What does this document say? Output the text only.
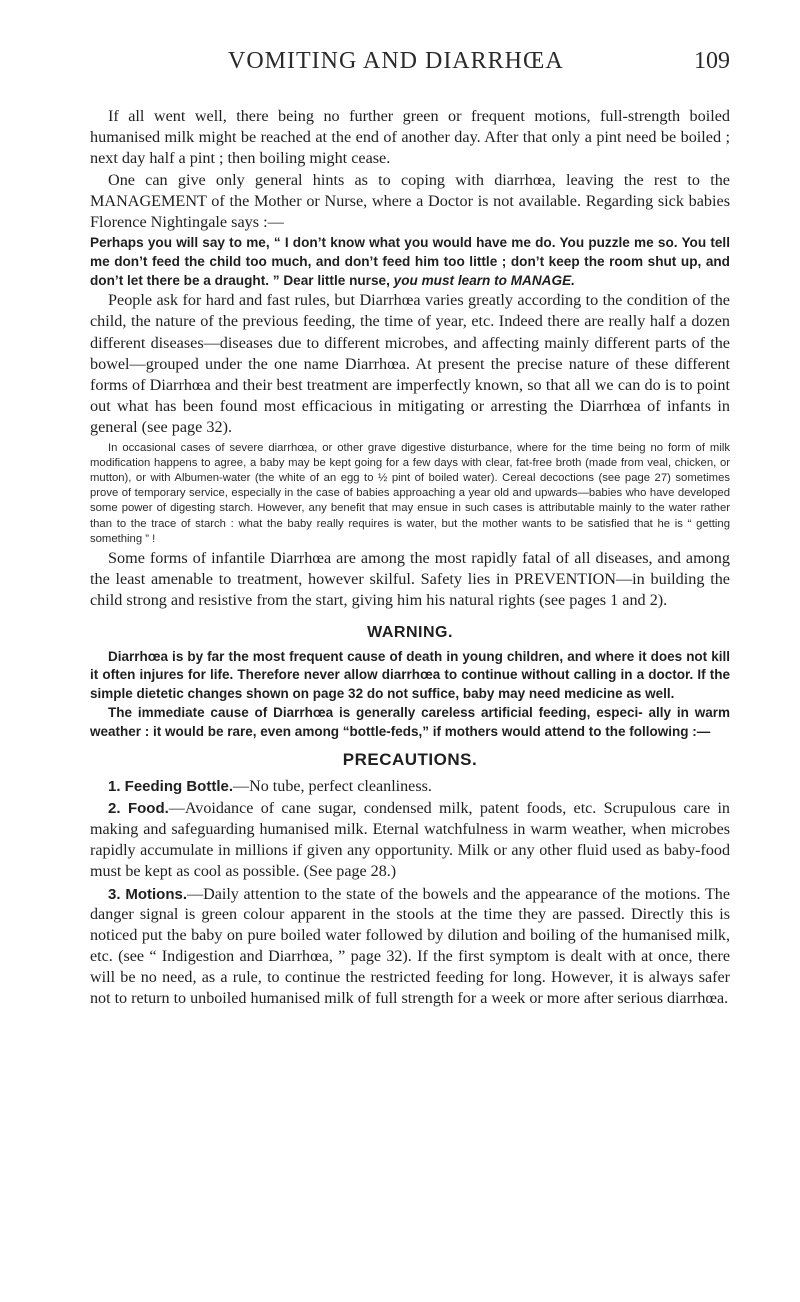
VOMITING AND DIARRHŒA	109

If all went well, there being no further green or frequent motions, full-strength boiled humanised milk might be reached at the end of another day. After that only a pint need be boiled ; next day half a pint ; then boiling might cease.

One can give only general hints as to coping with diarrhœa, leaving the rest to the MANAGEMENT of the Mother or Nurse, where a Doctor is not available. Regarding sick babies Florence Nightingale says :—

Perhaps you will say to me, “ I don’t know what you would have me do. You puzzle me so. You tell me don’t feed the child too much, and don’t feed him too little ; don’t keep the room shut up, and don’t let there be a draught. ” Dear little nurse, you must learn to MANAGE.

People ask for hard and fast rules, but Diarrhœa varies greatly according to the condition of the child, the nature of the previous feeding, the time of year, etc. Indeed there are really half a dozen different diseases—diseases due to different microbes, and affecting mainly different parts of the bowel—grouped under the one name Diarrhœa. At present the precise nature of these different forms of Diarrhœa and their best treatment are imperfectly known, so that all we can do is to point out what has been found most efficacious in mitigating or arresting the Diarrhœa of infants in general (see page 32).

In occasional cases of severe diarrhœa, or other grave digestive disturbance, where for the time being no form of milk modification happens to agree, a baby may be kept going for a few days with clear, fat-free broth (made from veal, chicken, or mutton), or with Albumen-water (the white of an egg to ½ pint of boiled water). Cereal decoctions (see page 27) sometimes prove of temporary service, especially in the case of babies approaching a year old and upwards—babies who have developed some power of digesting starch. However, any benefit that may ensue in such cases is attributable mainly to the water rather than to the trace of starch : what the baby really requires is water, but the mother wants to be satisfied that he is “ getting something ” !

Some forms of infantile Diarrhœa are among the most rapidly fatal of all diseases, and among the least amenable to treatment, however skilful. Safety lies in PREVENTION—in building the child strong and resistive from the start, giving him his natural rights (see pages 1 and 2).

WARNING.

Diarrhœa is by far the most frequent cause of death in young children, and where it does not kill it often injures for life. Therefore never allow diarrhœa to continue without calling in a doctor. If the simple dietetic changes shown on page 32 do not suffice, baby may need medicine as well.

The immediate cause of Diarrhœa is generally careless artificial feeding, especi- ally in warm weather : it would be rare, even among “bottle-feds,” if mothers would attend to the following :—

PRECAUTIONS.

1. Feeding Bottle.—No tube, perfect cleanliness.

2. Food.—Avoidance of cane sugar, condensed milk, patent foods, etc. Scrupulous care in making and safeguarding humanised milk. Eternal watchfulness in warm weather, when microbes rapidly accumulate in millions if given any opportunity. Milk or any other fluid used as baby-food must be kept as cool as possible. (See page 28.)

3. Motions.—Daily attention to the state of the bowels and the appearance of the motions. The danger signal is green colour apparent in the stools at the time they are passed. Directly this is noticed put the baby on pure boiled water followed by dilution and boiling of the humanised milk, etc. (see “ Indigestion and Diarrhœa, ” page 32). If the first symptom is dealt with at once, there will be no need, as a rule, to continue the restricted feeding for long. However, it is always safer not to return to unboiled humanised milk of full strength for a week or more after serious diarrhœa.
